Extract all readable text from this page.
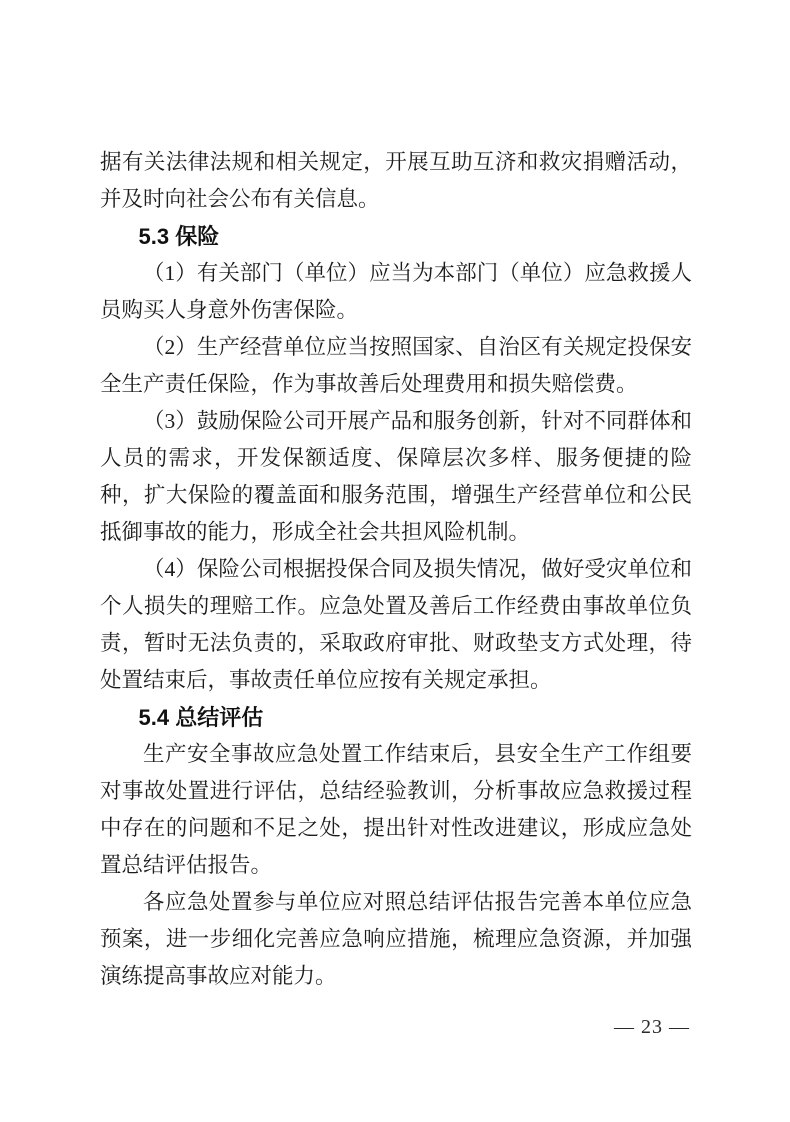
据有关法律法规和相关规定，开展互助互济和救灾捐赠活动，并及时向社会公布有关信息。

5.3 保险

（1）有关部门（单位）应当为本部门（单位）应急救援人员购买人身意外伤害保险。

（2）生产经营单位应当按照国家、自治区有关规定投保安全生产责任保险，作为事故善后处理费用和损失赔偿费。

（3）鼓励保险公司开展产品和服务创新，针对不同群体和人员的需求，开发保额适度、保障层次多样、服务便捷的险种，扩大保险的覆盖面和服务范围，增强生产经营单位和公民抵御事故的能力，形成全社会共担风险机制。

（4）保险公司根据投保合同及损失情况，做好受灾单位和个人损失的理赔工作。应急处置及善后工作经费由事故单位负责，暂时无法负责的，采取政府审批、财政垫支方式处理，待处置结束后，事故责任单位应按有关规定承担。

5.4 总结评估

生产安全事故应急处置工作结束后，县安全生产工作组要对事故处置进行评估，总结经验教训，分析事故应急救援过程中存在的问题和不足之处，提出针对性改进建议，形成应急处置总结评估报告。

各应急处置参与单位应对照总结评估报告完善本单位应急预案，进一步细化完善应急响应措施，梳理应急资源，并加强演练提高事故应对能力。

— 23 —
